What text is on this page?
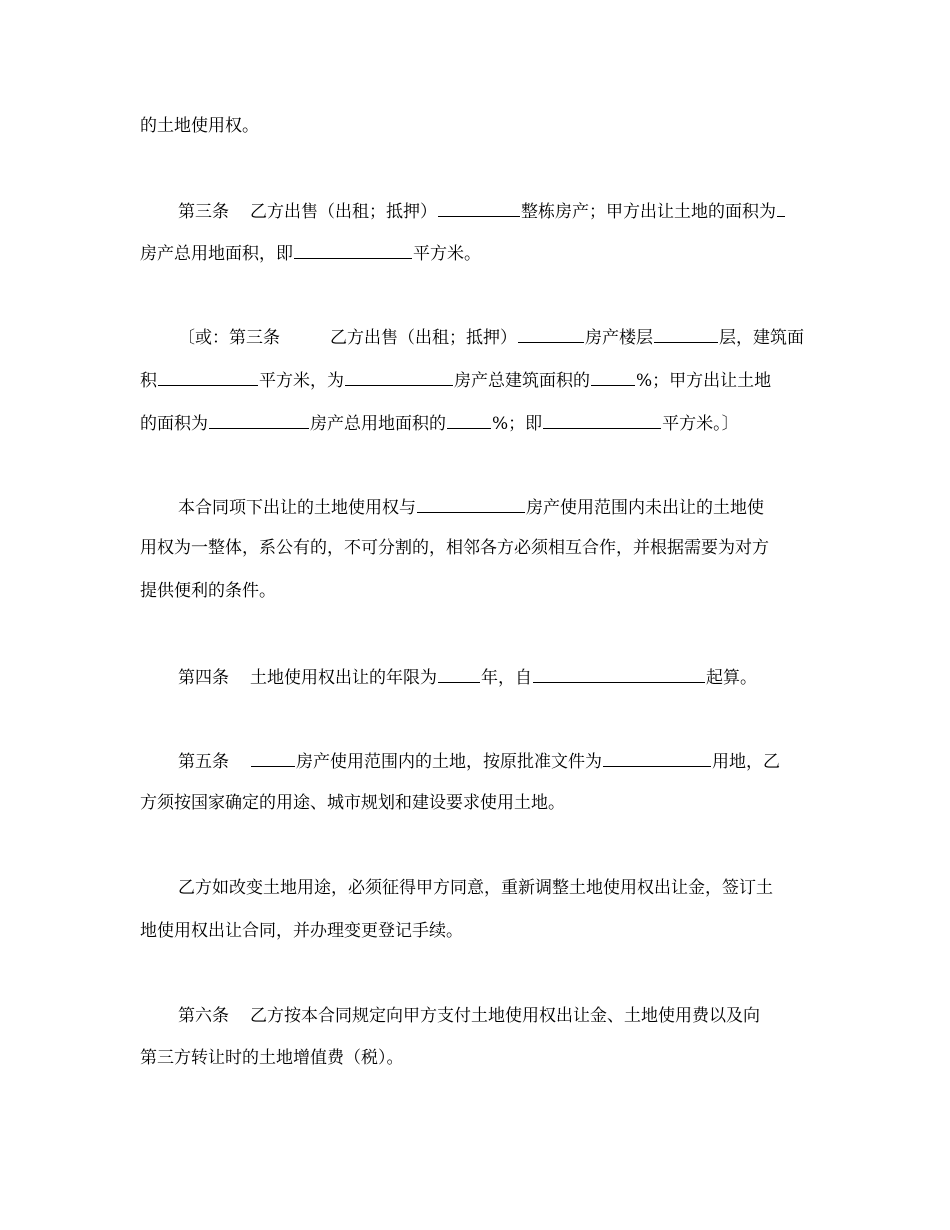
的土地使用权。
第三条 乙方出售（出租；抵押）	整栋房产；甲方出让土地的面积为
房产总用地面积，即	平方米。
〔或：第三条	乙方出售（出租；抵押）	房产楼层	层，建筑面
积	平方米，为	房产总建筑面积的	%；甲方出让土地
的面积为	房产总用地面积的	%；即	平方米。〕
本合同项下出让的土地使用权与	房产使用范围内未出让的土地使
用权为一整体，系公有的，不可分割的，相邻各方必须相互合作，并根据需要为对方
提供便利的条件。
第四条 土地使用权出让的年限为	年，自	起算。
第五条	房产使用范围内的土地，按原批准文件为	用地，乙
方须按国家确定的用途、城市规划和建设要求使用土地。
乙方如改变土地用途，必须征得甲方同意，重新调整土地使用权出让金，签订土
地使用权出让合同，并办理变更登记手续。
第六条 乙方按本合同规定向甲方支付土地使用权出让金、土地使用费以及向
第三方转让时的土地增值费（税）。
